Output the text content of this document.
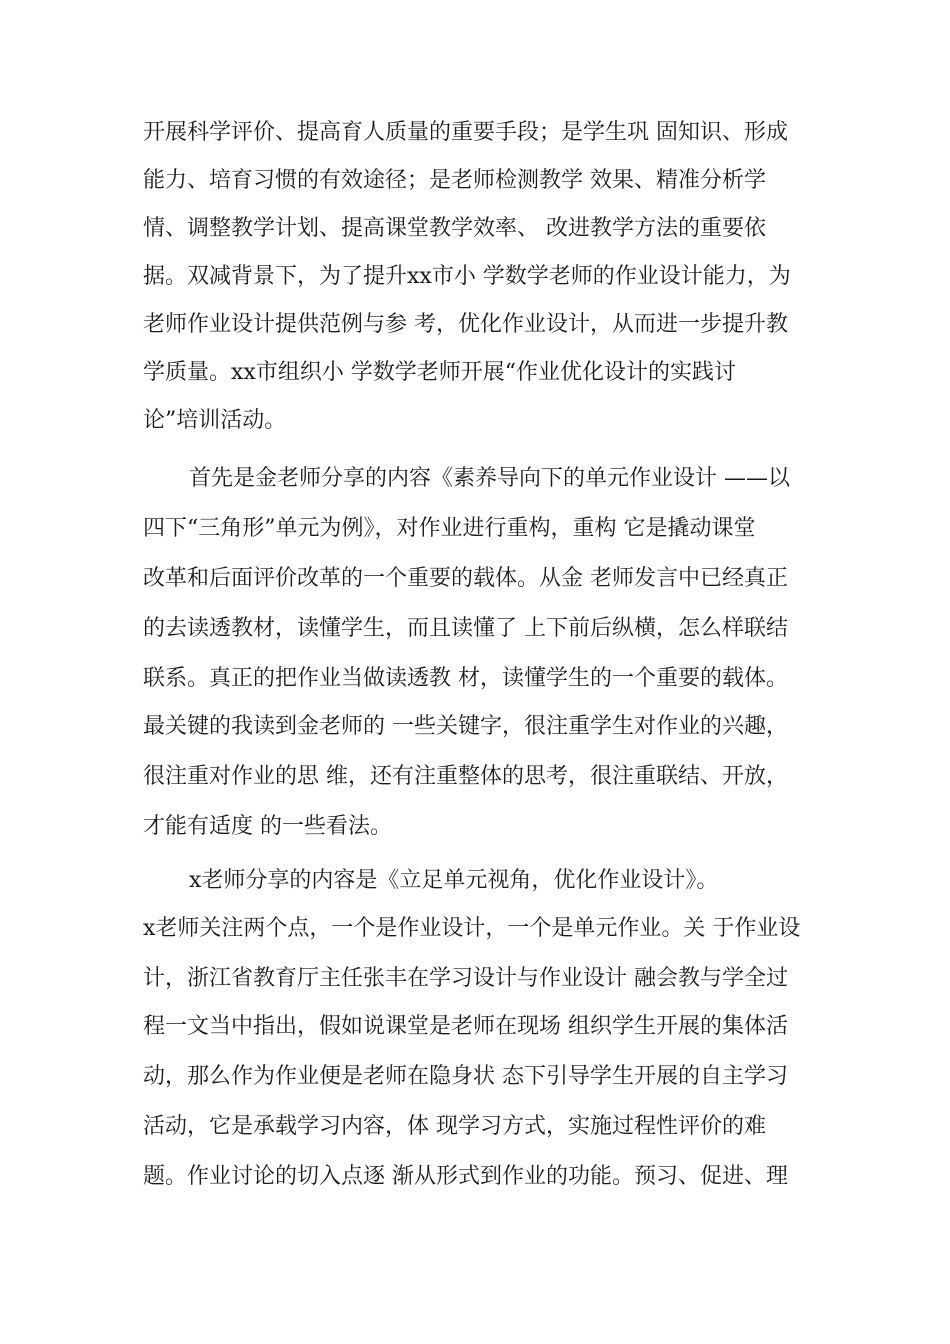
开展科学评价、提高育人质量的重要手段；是学生巩 固知识、形成
能力、培育习惯的有效途径；是老师检测教学 效果、精准分析学
情、调整教学计划、提高课堂教学效率、 改进教学方法的重要依
据。双减背景下，为了提升xx市小 学数学老师的作业设计能力，为
老师作业设计提供范例与参 考，优化作业设计，从而进一步提升教
学质量。xx市组织小 学数学老师开展“作业优化设计的实践讨
论”培训活动。
首先是金老师分享的内容《素养导向下的单元作业设计 ——以
四下“三角形”单元为例》，对作业进行重构，重构 它是撬动课堂
改革和后面评价改革的一个重要的载体。从金 老师发言中已经真正
的去读透教材，读懂学生，而且读懂了 上下前后纵横，怎么样联结
联系。真正的把作业当做读透教 材，读懂学生的一个重要的载体。
最关键的我读到金老师的 一些关键字，很注重学生对作业的兴趣，
很注重对作业的思 维，还有注重整体的思考，很注重联结、开放，
才能有适度 的一些看法。
x老师分享的内容是《立足单元视角，优化作业设计》。
x老师关注两个点，一个是作业设计，一个是单元作业。关 于作业设
计，浙江省教育厅主任张丰在学习设计与作业设计 融会教与学全过
程一文当中指出，假如说课堂是老师在现场 组织学生开展的集体活
动，那么作为作业便是老师在隐身状 态下引导学生开展的自主学习
活动，它是承载学习内容，体 现学习方式，实施过程性评价的难
题。作业讨论的切入点逐 渐从形式到作业的功能。预习、促进、理
